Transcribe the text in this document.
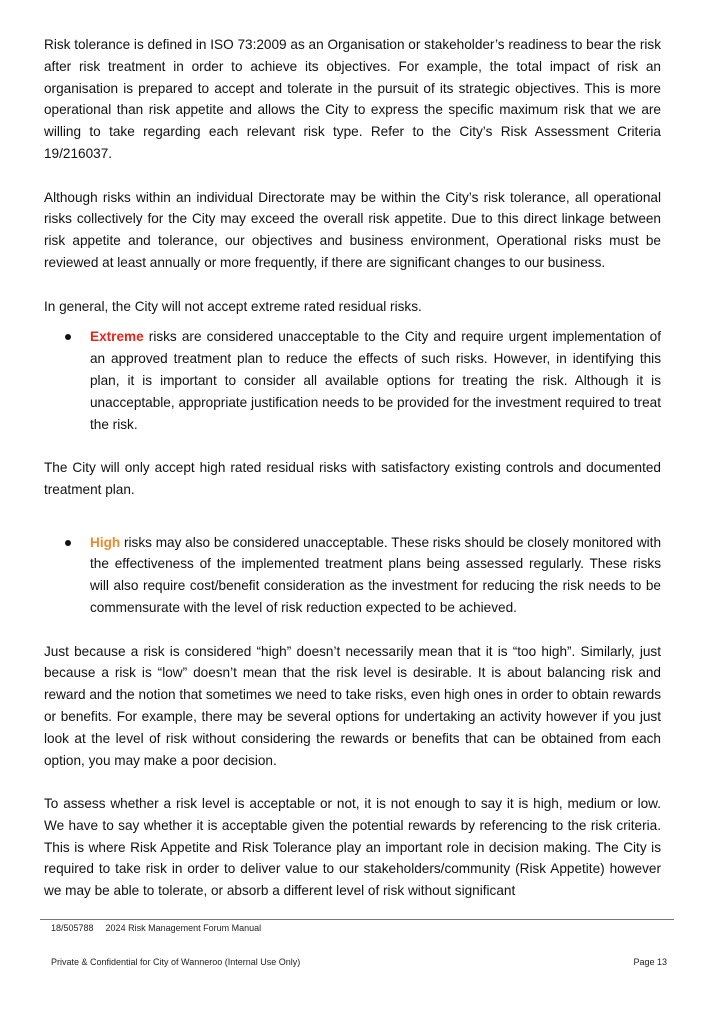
Risk tolerance is defined in ISO 73:2009 as an Organisation or stakeholder’s readiness to bear the risk after risk treatment in order to achieve its objectives. For example, the total impact of risk an organisation is prepared to accept and tolerate in the pursuit of its strategic objectives. This is more operational than risk appetite and allows the City to express the specific maximum risk that we are willing to take regarding each relevant risk type. Refer to the City’s Risk Assessment Criteria 19/216037.

Although risks within an individual Directorate may be within the City’s risk tolerance, all operational risks collectively for the City may exceed the overall risk appetite. Due to this direct linkage between risk appetite and tolerance, our objectives and business environment, Operational risks must be reviewed at least annually or more frequently, if there are significant changes to our business.

In general, the City will not accept extreme rated residual risks.

Extreme risks are considered unacceptable to the City and require urgent implementation of an approved treatment plan to reduce the effects of such risks. However, in identifying this plan, it is important to consider all available options for treating the risk. Although it is unacceptable, appropriate justification needs to be provided for the investment required to treat the risk.

The City will only accept high rated residual risks with satisfactory existing controls and documented treatment plan.

High risks may also be considered unacceptable. These risks should be closely monitored with the effectiveness of the implemented treatment plans being assessed regularly. These risks will also require cost/benefit consideration as the investment for reducing the risk needs to be commensurate with the level of risk reduction expected to be achieved.

Just because a risk is considered “high” doesn’t necessarily mean that it is “too high”. Similarly, just because a risk is “low” doesn’t mean that the risk level is desirable. It is about balancing risk and reward and the notion that sometimes we need to take risks, even high ones in order to obtain rewards or benefits. For example, there may be several options for undertaking an activity however if you just look at the level of risk without considering the rewards or benefits that can be obtained from each option, you may make a poor decision.

To assess whether a risk level is acceptable or not, it is not enough to say it is high, medium or low. We have to say whether it is acceptable given the potential rewards by referencing to the risk criteria. This is where Risk Appetite and Risk Tolerance play an important role in decision making. The City is required to take risk in order to deliver value to our stakeholders/community (Risk Appetite) however we may be able to tolerate, or absorb a different level of risk without significant

18/505788 2024 Risk Management Forum Manual
Private & Confidential for City of Wanneroo (Internal Use Only)	Page 13
